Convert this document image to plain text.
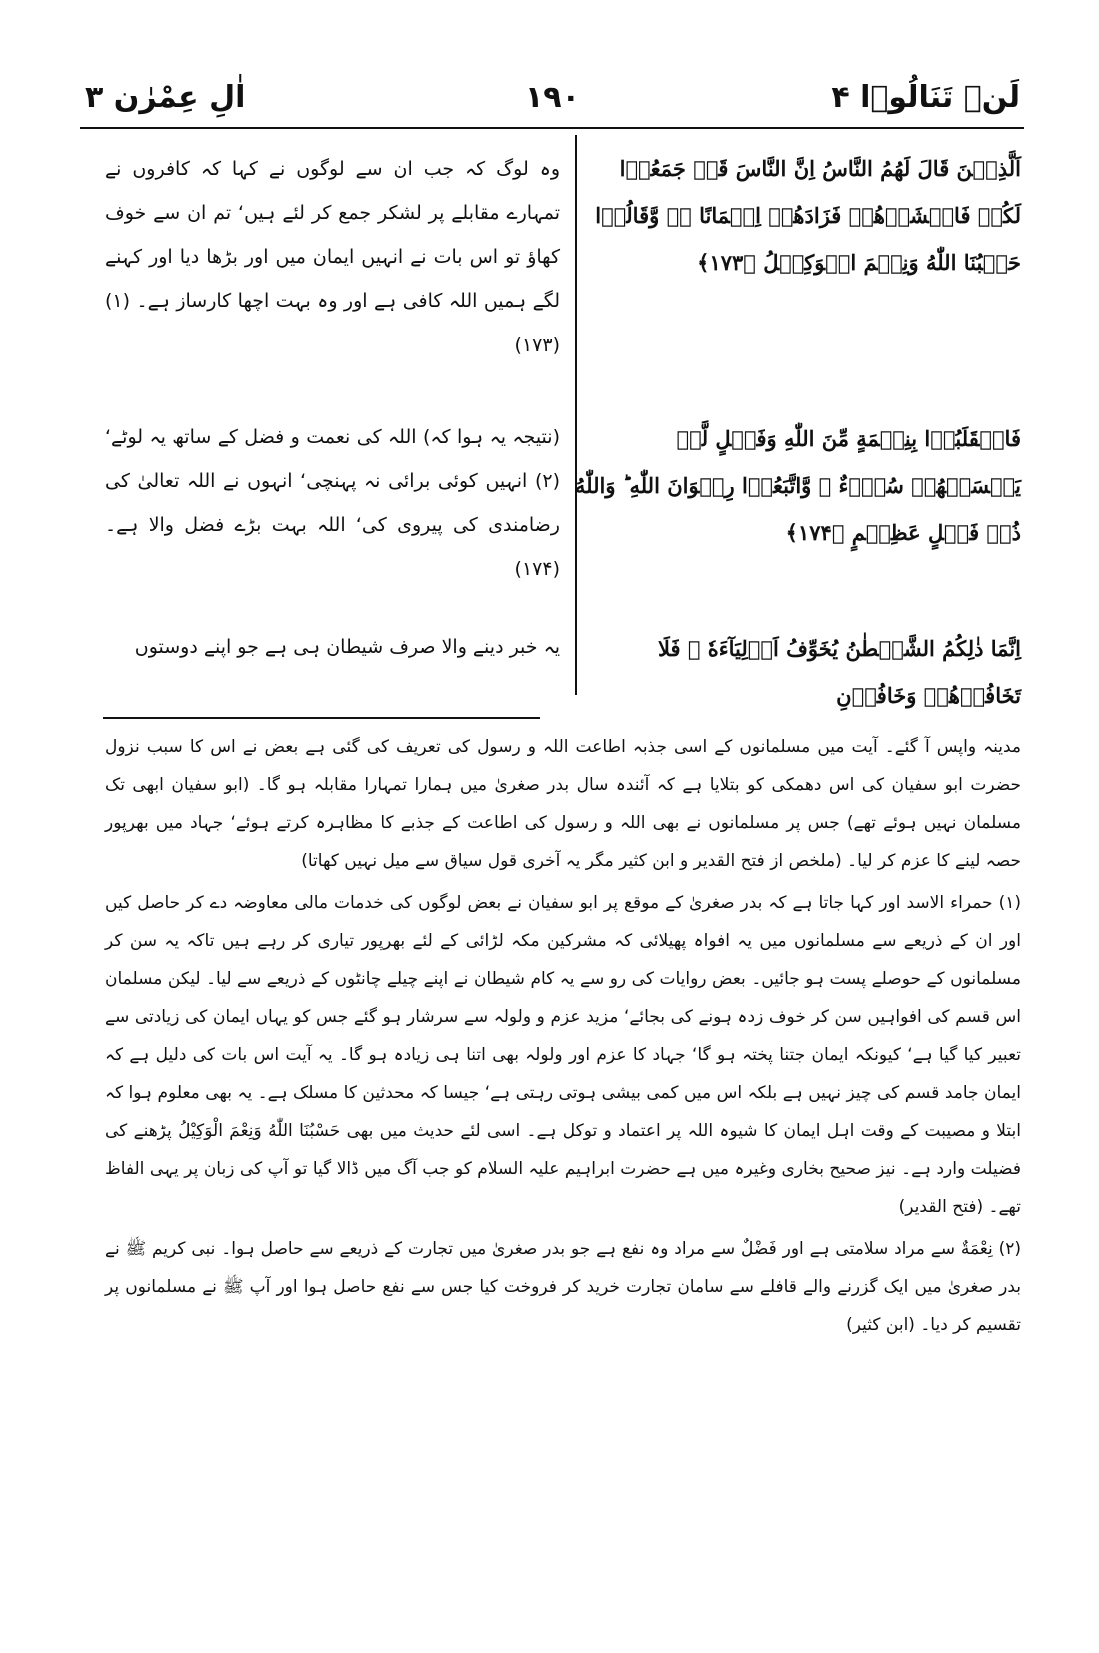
لَنۡ تَنَالُوۡا ۴
۱۹۰
اٰلِ عِمْرٰن ۳
اَلَّذِیۡنَ قَالَ لَهُمُ النَّاسُ اِنَّ النَّاسَ قَدۡ جَمَعُوۡا لَكُمۡ فَاخۡشَوۡهُمۡ فَزَادَهُمۡ اِیۡمَانًا ۖۗ وَّقَالُوۡا حَسۡبُنَا اللّٰهُ وَنِعۡمَ الۡوَكِیۡلُ ﴿۱۷۳﴾
وہ لوگ کہ جب ان سے لوگوں نے کہا کہ کافروں نے تمہارے مقابلے پر لشکر جمع کر لئے ہیں‘ تم ان سے خوف کھاؤ تو اس بات نے انہیں ایمان میں اور بڑھا دیا اور کہنے لگے ہمیں اللہ کافی ہے اور وہ بہت اچھا کارساز ہے۔ (۱) (۱۷۳)
فَانۡقَلَبُوۡا بِنِعۡمَةٍ مِّنَ اللّٰهِ وَفَضۡلٍ لَّمۡ یَمۡسَسۡهُمۡ سُوۡٓءٌ ۙ وَّاتَّبَعُوۡا رِضۡوَانَ اللّٰهِ ؕ وَاللّٰهُ ذُوۡ فَضۡلٍ عَظِیۡمٍ ﴿۱۷۴﴾
(نتیجہ یہ ہوا کہ) اللہ کی نعمت و فضل کے ساتھ یہ لوٹے‘ (۲) انہیں کوئی برائی نہ پہنچی‘ انہوں نے اللہ تعالیٰ کی رضامندی کی پیروی کی‘ اللہ بہت بڑے فضل والا ہے۔ (۱۷۴)
اِنَّمَا ذٰلِكُمُ الشَّیۡطٰنُ یُخَوِّفُ اَوۡلِیَآءَهٗ ۪ فَلَا تَخَافُوۡهُمۡ وَخَافُوۡنِ
یہ خبر دینے والا صرف شیطان ہی ہے جو اپنے دوستوں

مدینہ واپس آ گئے۔ آیت میں مسلمانوں کے اسی جذبہ اطاعت اللہ و رسول کی تعریف کی گئی ہے بعض نے اس کا سبب نزول حضرت ابو سفیان کی اس دھمکی کو بتلایا ہے کہ آئندہ سال بدر صغریٰ میں ہمارا تمہارا مقابلہ ہو گا۔ (ابو سفیان ابھی تک مسلمان نہیں ہوئے تھے) جس پر مسلمانوں نے بھی اللہ و رسول کی اطاعت کے جذبے کا مظاہرہ کرتے ہوئے‘ جہاد میں بھرپور حصہ لینے کا عزم کر لیا۔ (ملخص از فتح القدیر و ابن کثیر مگر یہ آخری قول سیاق سے میل نہیں کھاتا)

(۱) حمراء الاسد اور کہا جاتا ہے کہ بدر صغریٰ کے موقع پر ابو سفیان نے بعض لوگوں کی خدمات مالی معاوضہ دے کر حاصل کیں اور ان کے ذریعے سے مسلمانوں میں یہ افواہ پھیلائی کہ مشرکین مکہ لڑائی کے لئے بھرپور تیاری کر رہے ہیں تاکہ یہ سن کر مسلمانوں کے حوصلے پست ہو جائیں۔ بعض روایات کی رو سے یہ کام شیطان نے اپنے چیلے چانٹوں کے ذریعے سے لیا۔ لیکن مسلمان اس قسم کی افواہیں سن کر خوف زدہ ہونے کی بجائے‘ مزید عزم و ولولہ سے سرشار ہو گئے جس کو یہاں ایمان کی زیادتی سے تعبیر کیا گیا ہے‘ کیونکہ ایمان جتنا پختہ ہو گا‘ جہاد کا عزم اور ولولہ بھی اتنا ہی زیادہ ہو گا۔ یہ آیت اس بات کی دلیل ہے کہ ایمان جامد قسم کی چیز نہیں ہے بلکہ اس میں کمی بیشی ہوتی رہتی ہے‘ جیسا کہ محدثین کا مسلک ہے۔ یہ بھی معلوم ہوا کہ ابتلا و مصیبت کے وقت اہل ایمان کا شیوہ اللہ پر اعتماد و توکل ہے۔ اسی لئے حدیث میں بھی حَسْبُنَا اللّٰهُ وَنِعْمَ الْوَكِيْلُ پڑھنے کی فضیلت وارد ہے۔ نیز صحیح بخاری وغیرہ میں ہے حضرت ابراہیم علیہ السلام کو جب آگ میں ڈالا گیا تو آپ کی زبان پر یہی الفاظ تھے۔ (فتح القدیر)

(۲) نِعْمَةٌ سے مراد سلامتی ہے اور فَضْلٌ سے مراد وہ نفع ہے جو بدر صغریٰ میں تجارت کے ذریعے سے حاصل ہوا۔ نبی کریم ﷺ نے بدر صغریٰ میں ایک گزرنے والے قافلے سے سامان تجارت خرید کر فروخت کیا جس سے نفع حاصل ہوا اور آپ ﷺ نے مسلمانوں پر تقسیم کر دیا۔ (ابن کثیر)
